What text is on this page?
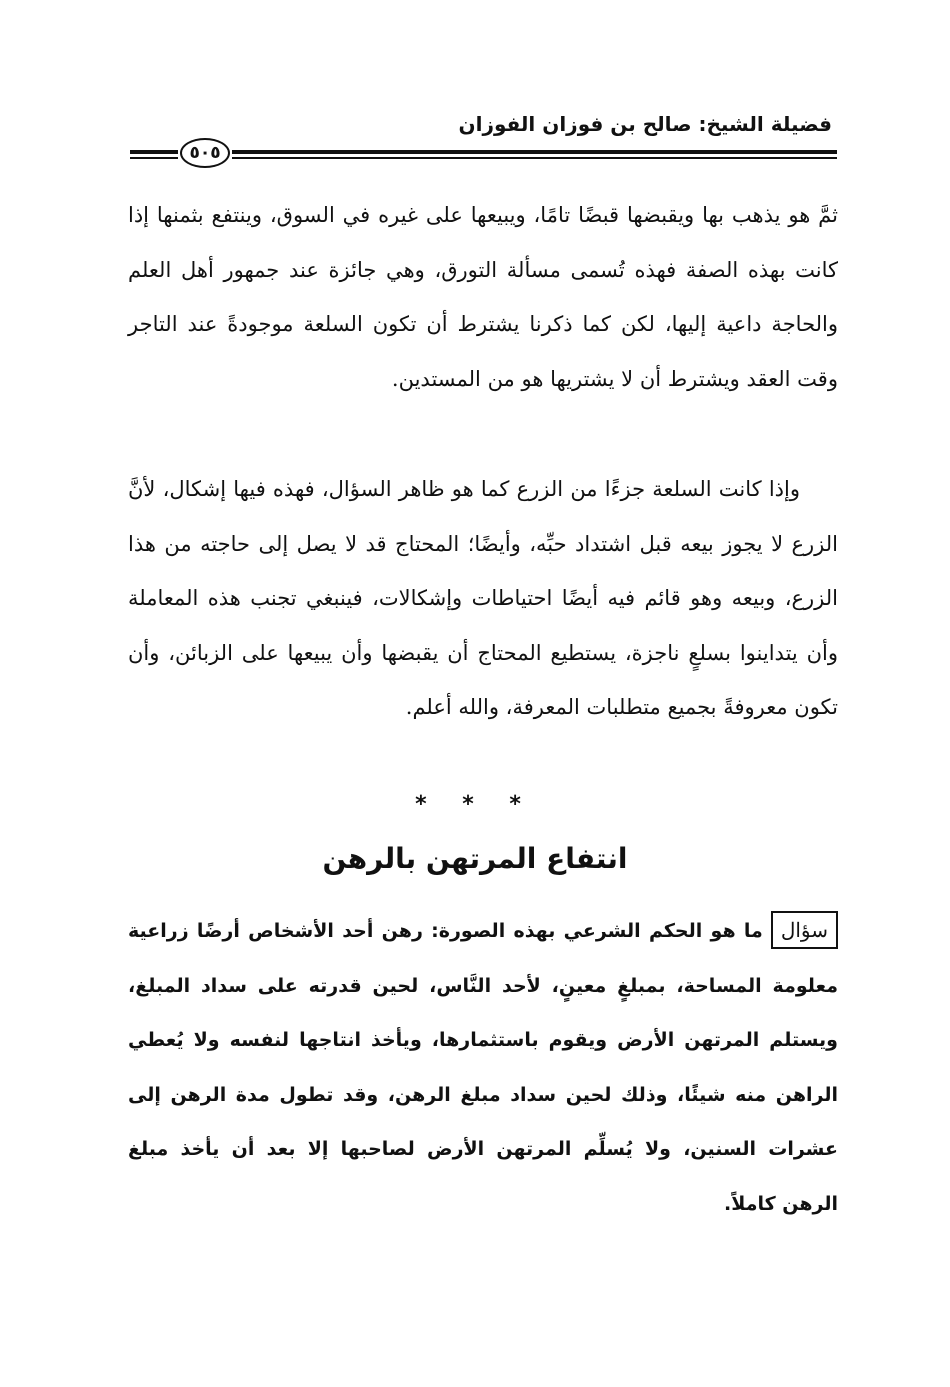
فضيلة الشيخ: صالح بن فوزان الفوزان
٥٠٥
ثمَّ هو يذهب بها ويقبضها قبضًا تامًا، ويبيعها على غيره في السوق، وينتفع بثمنها إذا كانت بهذه الصفة فهذه تُسمى مسألة التورق، وهي جائزة عند جمهور أهل العلم والحاجة داعية إليها، لكن كما ذكرنا يشترط أن تكون السلعة موجودةً عند التاجر وقت العقد ويشترط أن لا يشتريها هو من المستدين.
وإذا كانت السلعة جزءًا من الزرع كما هو ظاهر السؤال، فهذه فيها إشكال، لأنَّ الزرع لا يجوز بيعه قبل اشتداد حبِّه، وأيضًا؛ المحتاج قد لا يصل إلى حاجته من هذا الزرع، وبيعه وهو قائم فيه أيضًا احتياطات وإشكالات، فينبغي تجنب هذه المعاملة وأن يتداينوا بسلعٍ ناجزة، يستطيع المحتاج أن يقبضها وأن يبيعها على الزبائن، وأن تكون معروفةً بجميع متطلبات المعرفة، والله أعلم.
* * *
انتفاع المرتهن بالرهن
سؤالما هو الحكم الشرعي بهذه الصورة: رهن أحد الأشخاص أرضًا زراعية معلومة المساحة، بمبلغٍ معينٍ، لأحد النَّاس، لحين قدرته على سداد المبلغ، ويستلم المرتهن الأرض ويقوم باستثمارها، ويأخذ انتاجها لنفسه ولا يُعطي الراهن منه شيئًا، وذلك لحين سداد مبلغ الرهن، وقد تطول مدة الرهن إلى عشرات السنين، ولا يُسلِّم المرتهن الأرض لصاحبها إلا بعد أن يأخذ مبلغ الرهن كاملاً.
